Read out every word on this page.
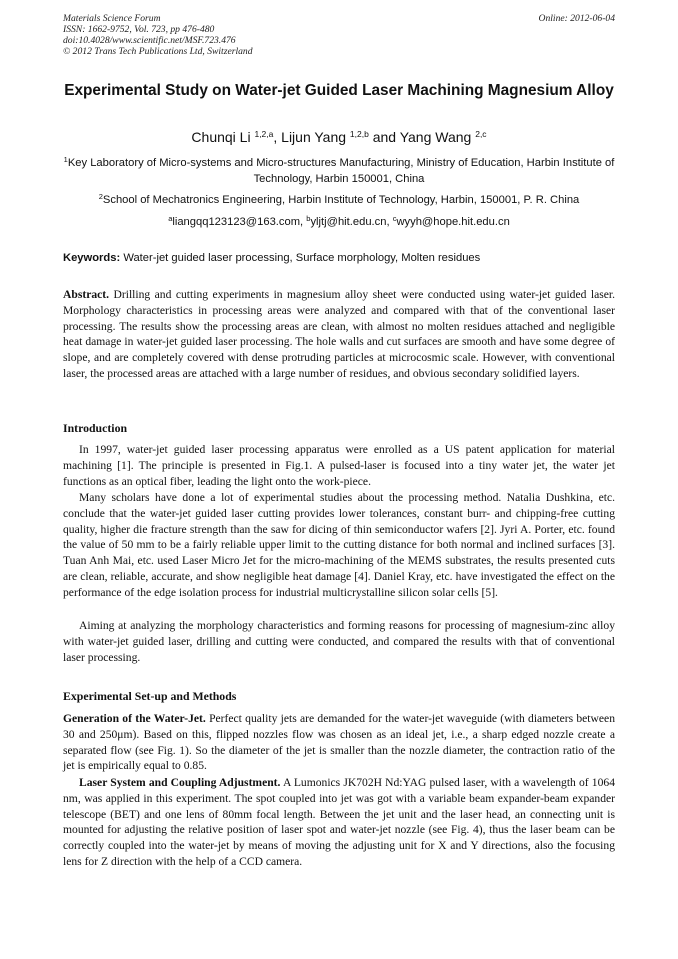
Materials Science Forum
ISSN: 1662-9752, Vol. 723, pp 476-480
doi:10.4028/www.scientific.net/MSF.723.476
© 2012 Trans Tech Publications Ltd, Switzerland
Online: 2012-06-04
Experimental Study on Water-jet Guided Laser Machining Magnesium Alloy
Chunqi Li $^{1,2,a}$, Lijun Yang $^{1,2,b}$ and Yang Wang $^{2,c}$
$^1$Key Laboratory of Micro-systems and Micro-structures Manufacturing, Ministry of Education, Harbin Institute of Technology, Harbin 150001, China
$^2$School of Mechatronics Engineering, Harbin Institute of Technology, Harbin, 150001, P. R. China
$^a$liangqq123123@163.com, $^b$yljtj@hit.edu.cn, $^c$wyyh@hope.hit.edu.cn
Keywords: Water-jet guided laser processing, Surface morphology, Molten residues
Abstract. Drilling and cutting experiments in magnesium alloy sheet were conducted using water-jet guided laser. Morphology characteristics in processing areas were analyzed and compared with that of the conventional laser processing. The results show the processing areas are clean, with almost no molten residues attached and negligible heat damage in water-jet guided laser processing. The hole walls and cut surfaces are smooth and have some degree of slope, and are completely covered with dense protruding particles at microcosmic scale. However, with conventional laser, the processed areas are attached with a large number of residues, and obvious secondary solidified layers.
Introduction
In 1997, water-jet guided laser processing apparatus were enrolled as a US patent application for material machining [1]. The principle is presented in Fig.1. A pulsed-laser is focused into a tiny water jet, the water jet functions as an optical fiber, leading the light onto the work-piece.
Many scholars have done a lot of experimental studies about the processing method. Natalia Dushkina, etc. conclude that the water-jet guided laser cutting provides lower tolerances, constant burr- and chipping-free cutting quality, higher die fracture strength than the saw for dicing of thin semiconductor wafers [2]. Jyri A. Porter, etc. found the value of 50 mm to be a fairly reliable upper limit to the cutting distance for both normal and inclined surfaces [3]. Tuan Anh Mai, etc. used Laser Micro Jet for the micro-machining of the MEMS substrates, the results presented cuts are clean, reliable, accurate, and show negligible heat damage [4]. Daniel Kray, etc. have investigated the effect on the performance of the edge isolation process for industrial multicrystalline silicon solar cells [5].
Aiming at analyzing the morphology characteristics and forming reasons for processing of magnesium-zinc alloy with water-jet guided laser, drilling and cutting were conducted, and compared the results with that of conventional laser processing.
Experimental Set-up and Methods
Generation of the Water-Jet. Perfect quality jets are demanded for the water-jet waveguide (with diameters between 30 and 250μm). Based on this, flipped nozzles flow was chosen as an ideal jet, i.e., a sharp edged nozzle create a separated flow (see Fig. 1). So the diameter of the jet is smaller than the nozzle diameter, the contraction ratio of the jet is empirically equal to 0.85.
Laser System and Coupling Adjustment. A Lumonics JK702H Nd:YAG pulsed laser, with a wavelength of 1064 nm, was applied in this experiment. The spot coupled into jet was got with a variable beam expander-beam expander telescope (BET) and one lens of 80mm focal length. Between the jet unit and the laser head, an connecting unit is mounted for adjusting the relative position of laser spot and water-jet nozzle (see Fig. 4), thus the laser beam can be correctly coupled into the water-jet by means of moving the adjusting unit for X and Y directions, also the focusing lens for Z direction with the help of a CCD camera.
